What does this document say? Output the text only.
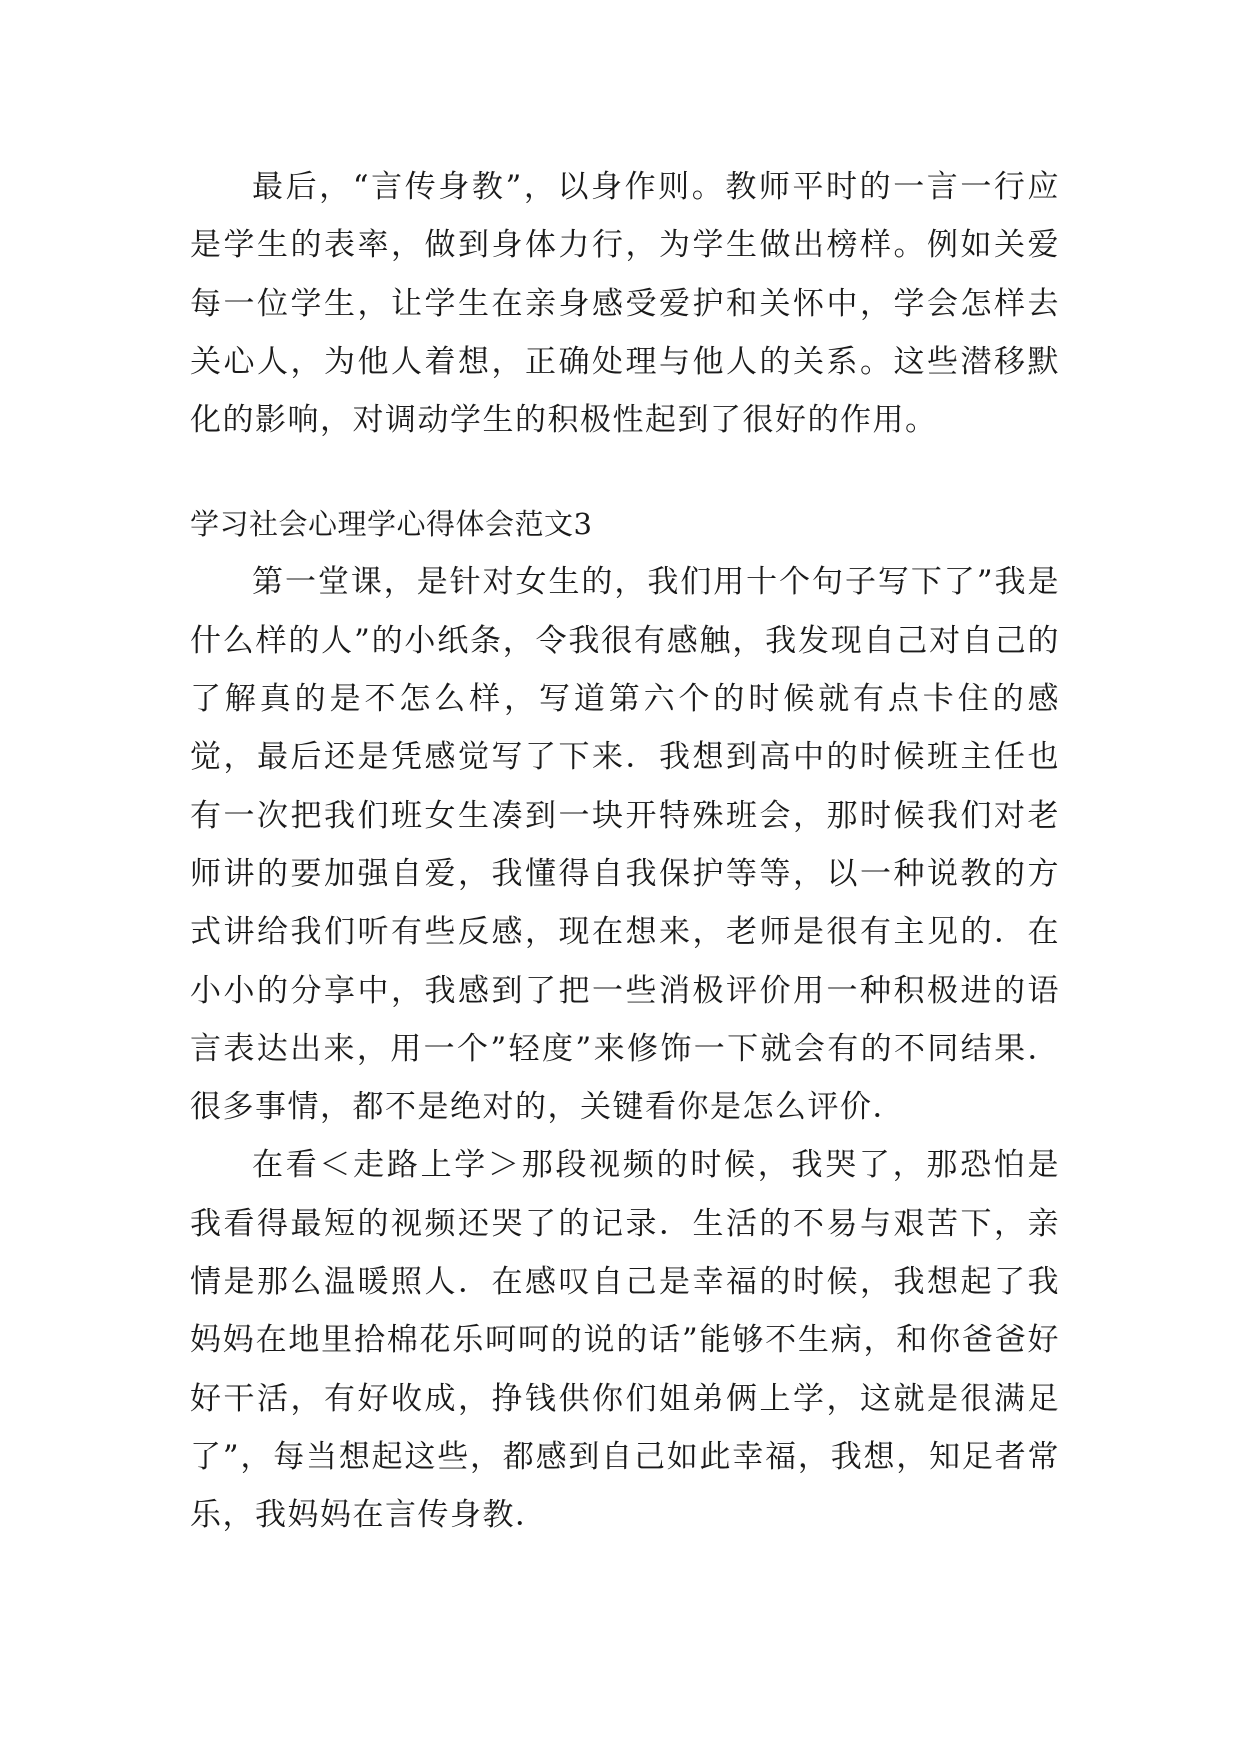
最后，“言传身教”，以身作则。教师平时的一言一行应是学生的表率，做到身体力行，为学生做出榜样。例如关爱每一位学生，让学生在亲身感受爱护和关怀中，学会怎样去关心人，为他人着想，正确处理与他人的关系。这些潜移默化的影响，对调动学生的积极性起到了很好的作用。

学习社会心理学心得体会范文3

第一堂课，是针对女生的，我们用十个句子写下了”我是什么样的人”的小纸条，令我很有感触，我发现自己对自己的了解真的是不怎么样，写道第六个的时候就有点卡住的感觉，最后还是凭感觉写了下来．我想到高中的时候班主任也有一次把我们班女生凑到一块开特殊班会，那时候我们对老师讲的要加强自爱，我懂得自我保护等等，以一种说教的方式讲给我们听有些反感，现在想来，老师是很有主见的．在小小的分享中，我感到了把一些消极评价用一种积极进的语言表达出来，用一个”轻度”来修饰一下就会有的不同结果．很多事情，都不是绝对的，关键看你是怎么评价．

在看＜走路上学＞那段视频的时候，我哭了，那恐怕是我看得最短的视频还哭了的记录．生活的不易与艰苦下，亲情是那么温暖照人．在感叹自己是幸福的时候，我想起了我妈妈在地里拾棉花乐呵呵的说的话”能够不生病，和你爸爸好好干活，有好收成，挣钱供你们姐弟俩上学，这就是很满足了”，每当想起这些，都感到自己如此幸福，我想，知足者常乐，我妈妈在言传身教．
